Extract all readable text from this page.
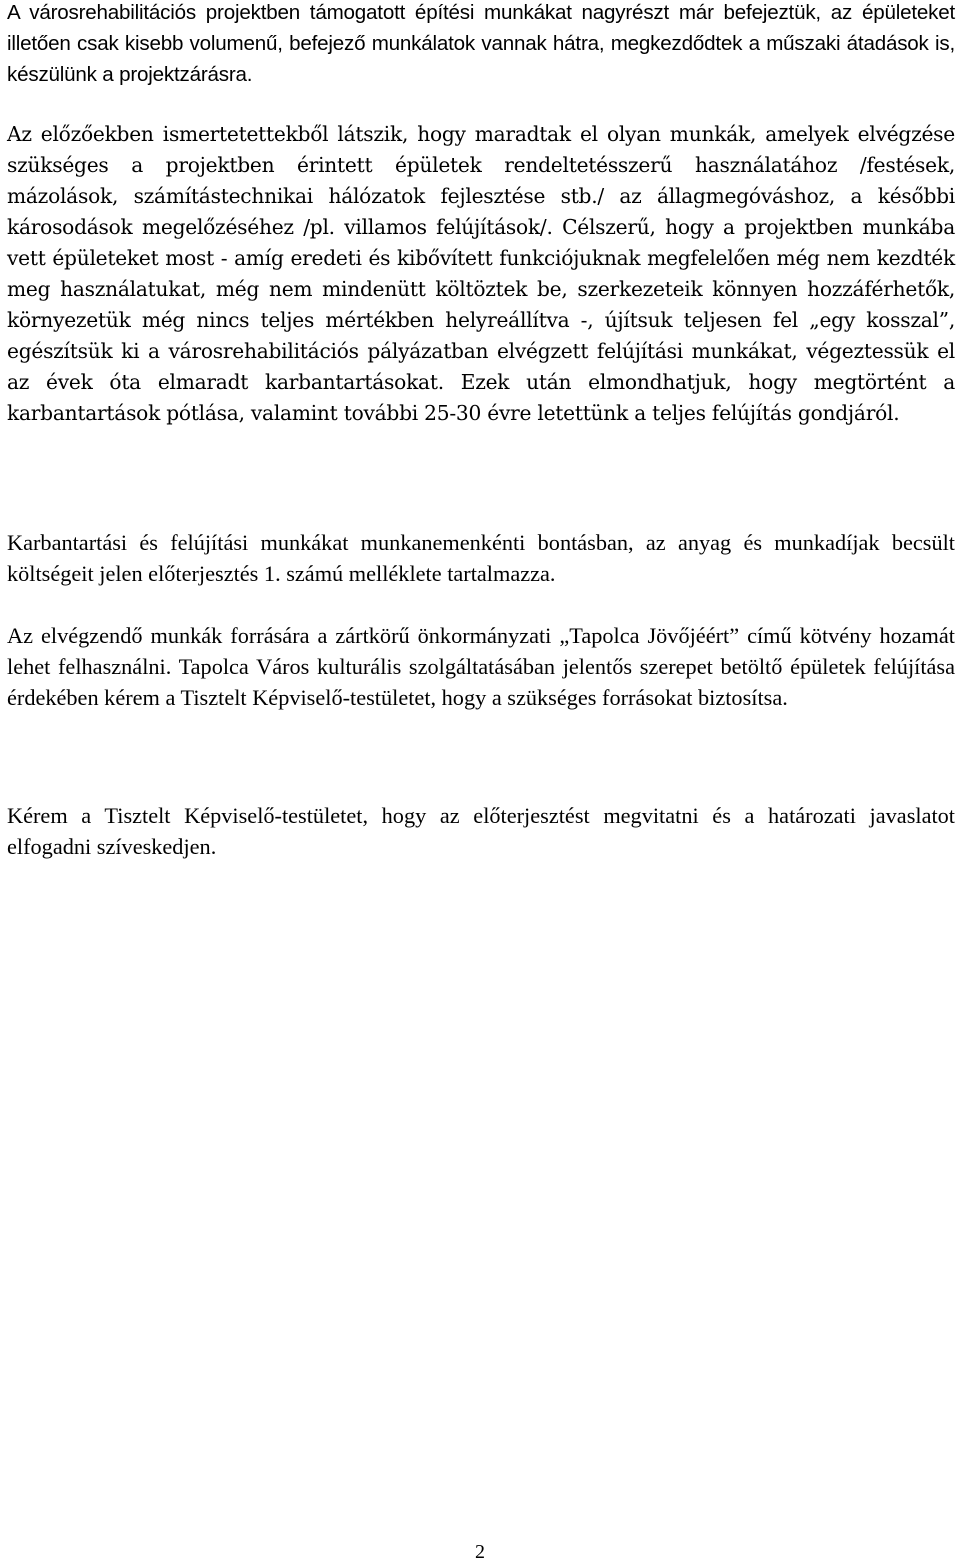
A városrehabilitációs projektben támogatott építési munkákat nagyrészt már befejeztük, az épületeket illetően csak kisebb volumenű, befejező munkálatok vannak hátra, megkezdődtek a műszaki átadások is, készülünk a projektzárásra.

Az előzőekben ismertetettekből látszik, hogy maradtak el olyan munkák, amelyek elvégzése szükséges a projektben érintett épületek rendeltetésszerű használatához /festések, mázolások, számítástechnikai hálózatok fejlesztése stb./ az állagmegóváshoz, a későbbi károsodások megelőzéséhez /pl. villamos felújítások/. Célszerű, hogy a projektben munkába vett épületeket most - amíg eredeti és kibővített funkciójuknak megfelelően még nem kezdték meg használatukat, még nem mindenütt költöztek be, szerkezeteik könnyen hozzáférhetők, környezetük még nincs teljes mértékben helyreállítva -, újítsuk teljesen fel „egy kosszal”, egészítsük ki a városrehabilitációs pályázatban elvégzett felújítási munkákat, végeztessük el az évek óta elmaradt karbantartásokat. Ezek után elmondhatjuk, hogy megtörtént a karbantartások pótlása, valamint további 25-30 évre letettünk a teljes felújítás gondjáról.

Karbantartási és felújítási munkákat munkanemenkénti bontásban, az anyag és munkadíjak becsült költségeit jelen előterjesztés 1. számú melléklete tartalmazza.

Az elvégzendő munkák forrására a zártkörű önkormányzati „Tapolca Jövőjéért” című kötvény hozamát lehet felhasználni. Tapolca Város kulturális szolgáltatásában jelentős szerepet betöltő épületek felújítása érdekében kérem a Tisztelt Képviselő-testületet, hogy a szükséges forrásokat biztosítsa.

Kérem a Tisztelt Képviselő-testületet, hogy az előterjesztést megvitatni és a határozati javaslatot elfogadni szíveskedjen.

2
